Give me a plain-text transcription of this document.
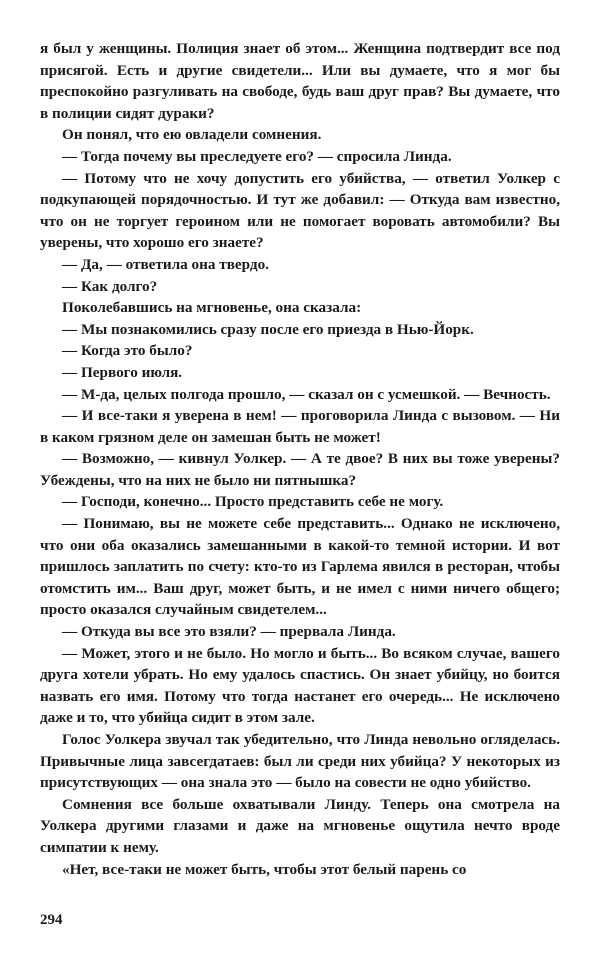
я был у женщины. Полиция знает об этом... Женщина подтвердит все под присягой. Есть и другие свидетели... Или вы думаете, что я мог бы преспокойно разгуливать на свободе, будь ваш друг прав? Вы думаете, что в полиции сидят дураки?

Он понял, что ею овладели сомнения.

— Тогда почему вы преследуете его? — спросила Линда.

— Потому что не хочу допустить его убийства, — ответил Уолкер с подкупающей порядочностью. И тут же добавил: — Откуда вам известно, что он не торгует героином или не помогает воровать автомобили? Вы уверены, что хорошо его знаете?

— Да, — ответила она твердо.

— Как долго?

Поколебавшись на мгновенье, она сказала:

— Мы познакомились сразу после его приезда в Нью-Йорк.

— Когда это было?

— Первого июля.

— М-да, целых полгода прошло, — сказал он с усмешкой. — Вечность.

— И все-таки я уверена в нем! — проговорила Линда с вызовом. — Ни в каком грязном деле он замешан быть не может!

— Возможно, — кивнул Уолкер. — А те двое? В них вы тоже уверены? Убеждены, что на них не было ни пятнышка?

— Господи, конечно... Просто представить себе не могу.

— Понимаю, вы не можете себе представить... Однако не исключено, что они оба оказались замешанными в какой-то темной истории. И вот пришлось заплатить по счету: кто-то из Гарлема явился в ресторан, чтобы отомстить им... Ваш друг, может быть, и не имел с ними ничего общего; просто оказался случайным свидетелем...

— Откуда вы все это взяли? — прервала Линда.

— Может, этого и не было. Но могло и быть... Во всяком случае, вашего друга хотели убрать. Но ему удалось спастись. Он знает убийцу, но боится назвать его имя. Потому что тогда настанет его очередь... Не исключено даже и то, что убийца сидит в этом зале.

Голос Уолкера звучал так убедительно, что Линда невольно огляделась. Привычные лица завсегдатаев: был ли среди них убийца? У некоторых из присутствующих — она знала это — было на совести не одно убийство.

Сомнения все больше охватывали Линду. Теперь она смотрела на Уолкера другими глазами и даже на мгновенье ощутила нечто вроде симпатии к нему.

«Нет, все-таки не может быть, чтобы этот белый парень со

294
